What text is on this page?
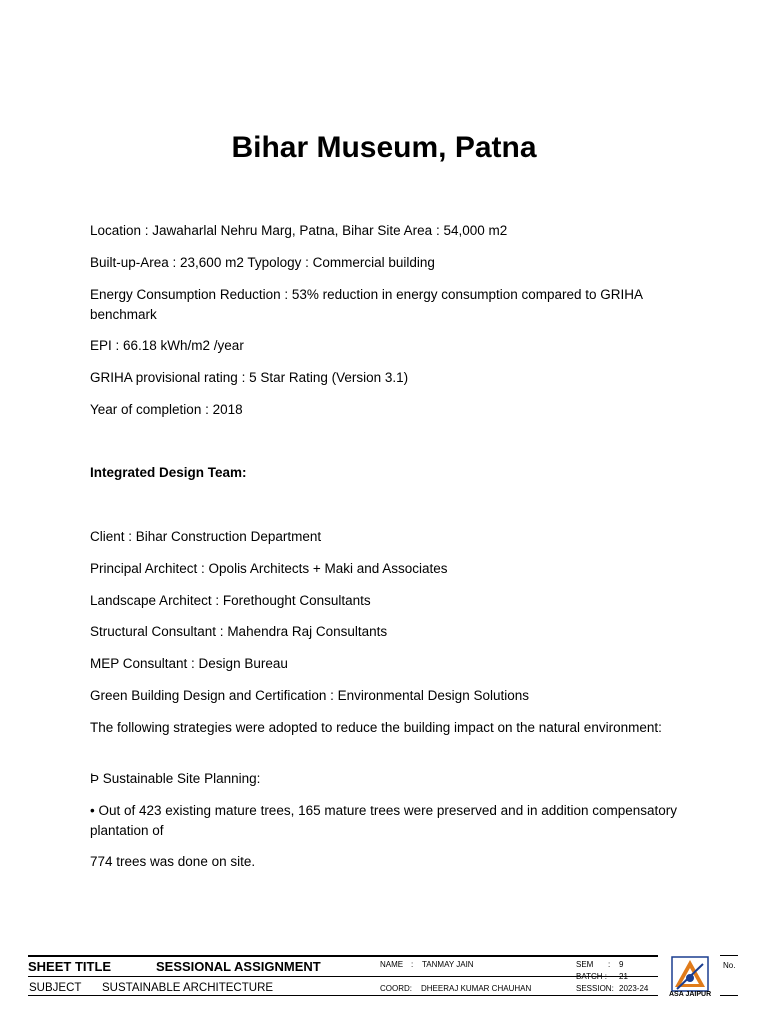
Bihar Museum, Patna

Location : Jawaharlal Nehru Marg, Patna, Bihar Site Area : 54,000 m2

Built-up-Area : 23,600 m2 Typology : Commercial building

Energy Consumption Reduction : 53% reduction in energy consumption compared to GRIHA benchmark

EPI : 66.18 kWh/m2 /year

GRIHA provisional rating : 5 Star Rating (Version 3.1)

Year of completion : 2018

Integrated Design Team:

Client : Bihar Construction Department

Principal Architect : Opolis Architects + Maki and Associates

Landscape Architect : Forethought Consultants

Structural Consultant : Mahendra Raj Consultants

MEP Consultant : Design Bureau

Green Building Design and Certification : Environmental Design Solutions

The following strategies were adopted to reduce the building impact on the natural environment:

Þ Sustainable Site Planning:

• Out of 423 existing mature trees, 165 mature trees were preserved and in addition compensatory plantation of

774 trees was done on site.

SHEET TITLE	SESSIONAL ASSIGNMENT
SUBJECT SUSTAINABLE ARCHITECTURE
NAME : TANMAY JAIN
COORD: DHEERAJ KUMAR CHAUHAN
SEM : 9
BATCH : 21
SESSION: 2023-24
ASA JAIPUR
No.
